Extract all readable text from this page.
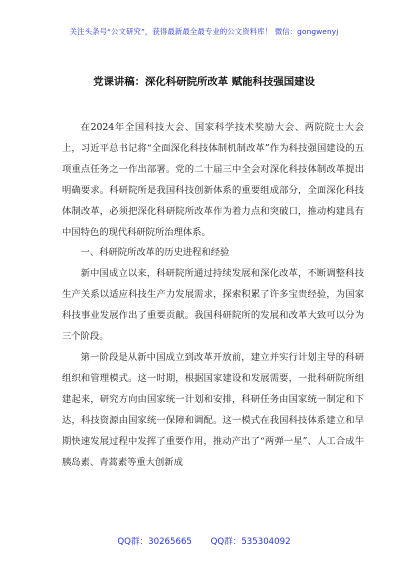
关注头条号“公文研究”，获得最新最全最专业的公文资料库！ 微信：gongwenyj
党课讲稿：深化科研院所改革 赋能科技强国建设

在2024年全国科技大会、国家科学技术奖励大会、两院院士大会上，习近平总书记将“全面深化科技体制机制改革”作为科技强国建设的五项重点任务之一作出部署。党的二十届三中全会对深化科技体制改革提出明确要求。科研院所是我国科技创新体系的重要组成部分，全面深化科技体制改革，必须把深化科研院所改革作为着力点和突破口，推动构建具有中国特色的现代科研院所治理体系。

一、科研院所改革的历史进程和经验

新中国成立以来，科研院所通过持续发展和深化改革，不断调整科技生产关系以适应科技生产力发展需求，探索积累了许多宝贵经验，为国家科技事业发展作出了重要贡献。我国科研院所的发展和改革大致可以分为三个阶段。

第一阶段是从新中国成立到改革开放前，建立并实行计划主导的科研组织和管理模式。这一时期，根据国家建设和发展需要，一批科研院所组建起来，研究方向由国家统一计划和安排，科研任务由国家统一制定和下达，科技资源由国家统一保障和调配。这一模式在我国科技体系建立和早期快速发展过程中发挥了重要作用，推动产出了“两弹一星”、人工合成牛胰岛素、青蒿素等重大创新成

QQ群：30265665 QQ群：535304092
